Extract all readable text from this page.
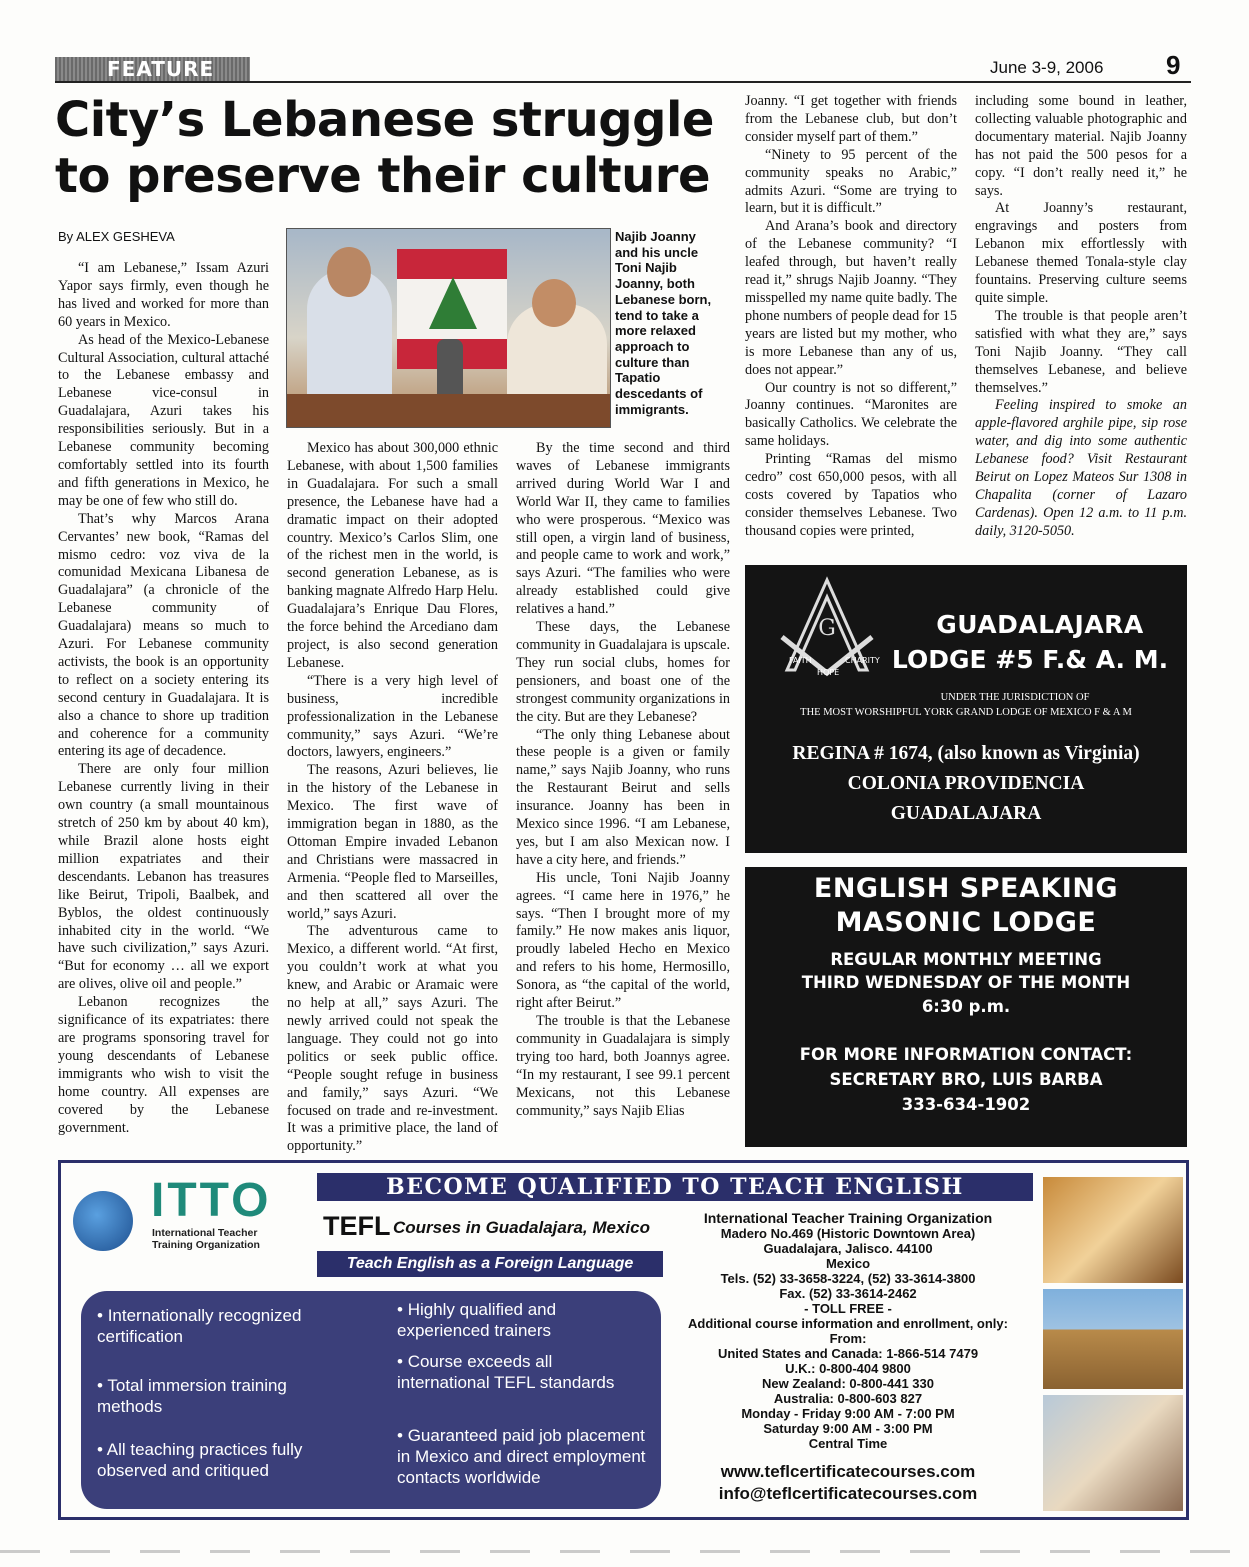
FEATURE	June 3-9, 2006 9
City’s Lebanese struggle
to preserve their culture
By ALEX GESHEVA	Najib Joanny and his uncle Toni Najib Joanny, both Lebanese born, tend to take a more relaxed approach to culture than Tapatio descedants of immigrants.

“I am Lebanese,” Issam Azuri Yapor says firmly, even though he has lived and worked for more than 60 years in Mexico.

As head of the Mexico-Lebanese Cultural Association, cultural attaché to the Lebanese embassy and Lebanese vice-consul in Guadalajara, Azuri takes his responsibilities seriously. But in a Lebanese community becoming comfortably settled into its fourth and fifth generations in Mexico, he may be one of few who still do.

That’s why Marcos Arana Cervantes’ new book, “Ramas del mismo cedro: voz viva de la comunidad Mexicana Libanesa de Guadalajara” (a chronicle of the Lebanese community of Guadalajara) means so much to Azuri. For Lebanese community activists, the book is an opportunity to reflect on a society entering its second century in Guadalajara. It is also a chance to shore up tradition and coherence for a community entering its age of decadence.

There are only four million Lebanese currently living in their own country (a small mountainous stretch of 250 km by about 40 km), while Brazil alone hosts eight million expatriates and their descendants. Lebanon has treasures like Beirut, Tripoli, Baalbek, and Byblos, the oldest continuously inhabited city in the world. “We have such civilization,” says Azuri. “But for economy … all we export are olives, olive oil and people.”

Lebanon recognizes the significance of its expatriates: there are programs sponsoring travel for young descendants of Lebanese immigrants who wish to visit the home country. All expenses are covered by the Lebanese government.

Mexico has about 300,000 ethnic Lebanese, with about 1,500 families in Guadalajara. For such a small presence, the Lebanese have had a dramatic impact on their adopted country. Mexico’s Carlos Slim, one of the richest men in the world, is second generation Lebanese, as is banking magnate Alfredo Harp Helu. Guadalajara’s Enrique Dau Flores, the force behind the Arcediano dam project, is also second generation Lebanese.

“There is a very high level of business, incredible professionalization in the Lebanese community,” says Azuri. “We’re doctors, lawyers, engineers.”

The reasons, Azuri believes, lie in the history of the Lebanese in Mexico. The first wave of immigration began in 1880, as the Ottoman Empire invaded Lebanon and Christians were massacred in Armenia. “People fled to Marseilles, and then scattered all over the world,” says Azuri.

The adventurous came to Mexico, a different world. “At first, you couldn’t work at what you knew, and Arabic or Aramaic were no help at all,” says Azuri. The newly arrived could not speak the language. They could not go into politics or seek public office. “People sought refuge in business and family,” says Azuri. “We focused on trade and re-investment. It was a primitive place, the land of opportunity.”

By the time second and third waves of Lebanese immigrants arrived during World War I and World War II, they came to families who were prosperous. “Mexico was still open, a virgin land of business, and people came to work and work,” says Azuri. “The families who were already established could give relatives a hand.”

These days, the Lebanese community in Guadalajara is upscale. They run social clubs, homes for pensioners, and boast one of the strongest community organizations in the city. But are they Lebanese?

“The only thing Lebanese about these people is a given or family name,” says Najib Joanny, who runs the Restaurant Beirut and sells insurance. Joanny has been in Mexico since 1996. “I am Lebanese, yes, but I am also Mexican now. I have a city here, and friends.”

His uncle, Toni Najib Joanny agrees. “I came here in 1976,” he says. “Then I brought more of my family.” He now makes anis liquor, proudly labeled Hecho en Mexico and refers to his home, Hermosillo, Sonora, as “the capital of the world, right after Beirut.”

The trouble is that the Lebanese community in Guadalajara is simply trying too hard, both Joannys agree. “In my restaurant, I see 99.1 percent Mexicans, not this Lebanese community,” says Najib Elias

Joanny. “I get together with friends from the Lebanese club, but don’t consider myself part of them.”

“Ninety to 95 percent of the community speaks no Arabic,” admits Azuri. “Some are trying to learn, but it is difficult.”

And Arana’s book and directory of the Lebanese community? “I leafed through, but haven’t really read it,” shrugs Najib Joanny. “They misspelled my name quite badly. The phone numbers of people dead for 15 years are listed but my mother, who is more Lebanese than any of us, does not appear.”

Our country is not so different,” Joanny continues. “Maronites are basically Catholics. We celebrate the same holidays.

Printing “Ramas del mismo cedro” cost 650,000 pesos, with all costs covered by Tapatios who consider themselves Lebanese. Two thousand copies were printed,

including some bound in leather, collecting valuable photographic and documentary material. Najib Joanny has not paid the 500 pesos for a copy. “I don’t really need it,” he says.

At Joanny’s restaurant, engravings and posters from Lebanon mix effortlessly with Lebanese themed Tonala-style clay fountains. Preserving culture seems quite simple.

The trouble is that people aren’t satisfied with what they are,” says Toni Najib Joanny. “They call themselves Lebanese, and believe themselves.”

Feeling inspired to smoke an apple-flavored arghile pipe, sip rose water, and dig into some authentic Lebanese food? Visit Restaurant Beirut on Lopez Mateos Sur 1308 in Chapalita (corner of Lazaro Cardenas). Open 12 a.m. to 11 p.m. daily, 3120-5050.

G
FAITH
HOPE
CHARITY
GUADALAJARA
LODGE #5 F.& A. M.
UNDER THE JURISDICTION OF
THE MOST WORSHIPFUL YORK GRAND LODGE OF MEXICO F & A M
REGINA # 1674, (also known as Virginia)
COLONIA PROVIDENCIA
GUADALAJARA
ENGLISH SPEAKING
MASONIC LODGE
REGULAR MONTHLY MEETING
THIRD WEDNESDAY OF THE MONTH
6:30 p.m.
FOR MORE INFORMATION CONTACT:
SECRETARY BRO, LUIS BARBA
333-634-1902
ITTO
International Teacher
Training Organization
BECOME QUALIFIED TO TEACH ENGLISH
TEFL Courses in Guadalajara, Mexico
Teach English as a Foreign Language
• Internationally recognized certification
• Total immersion training methods
• All teaching practices fully observed and critiqued
• Highly qualified and experienced trainers
• Course exceeds all international TEFL standards
• Guaranteed paid job placement in Mexico and direct employment contacts worldwide
International Teacher Training Organization
Madero No.469 (Historic Downtown Area)
Guadalajara, Jalisco. 44100
Mexico
Tels. (52) 33-3658-3224, (52) 33-3614-3800
Fax. (52) 33-3614-2462
- TOLL FREE -
Additional course information and enrollment, only:
From:
United States and Canada: 1-866-514 7479
U.K.: 0-800-404 9800
New Zealand: 0-800-441 330
Australia: 0-800-603 827
Monday - Friday 9:00 AM - 7:00 PM
Saturday 9:00 AM - 3:00 PM
Central Time
www.teflcertificatecourses.com
info@teflcertificatecourses.com
